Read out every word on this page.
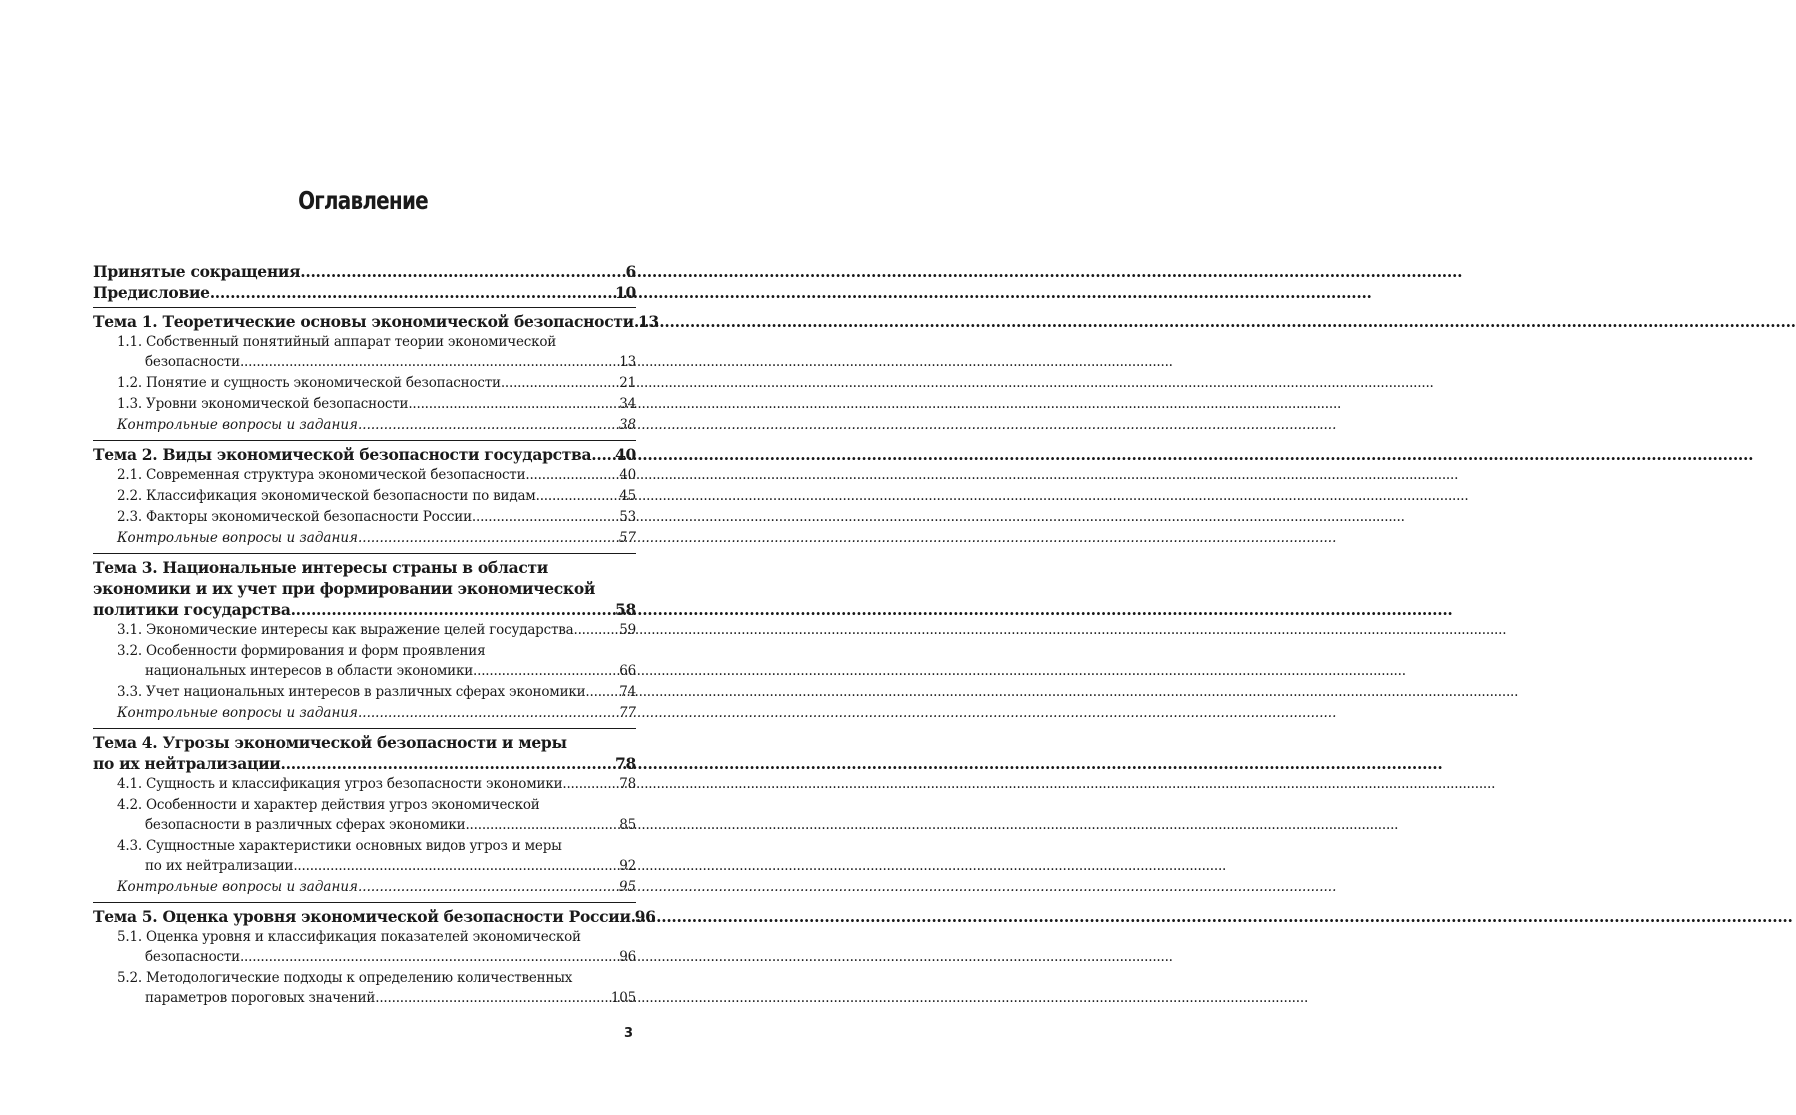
Оглавление
Принятые сокращения .....	6
Предисловие .....	10
Тема 1. Теоретические основы экономической безопасности ..... 13
1.1. Собственный понятийный аппарат теории экономической
безопасности .....	13
1.2. Понятие и сущность экономической безопасности .....	21
1.3. Уровни экономической безопасности .....	34
Контрольные вопросы и задания .....	38
Тема 2. Виды экономической безопасности государства ..... 40
2.1. Современная структура экономической безопасности .....	40
2.2. Классификация экономической безопасности по видам .....	45
2.3. Факторы экономической безопасности России .....	53
Контрольные вопросы и задания .....	57
Тема 3. Национальные интересы страны в области
экономики и их учет при формировании экономической
политики государства .....	58
3.1. Экономические интересы как выражение целей государства .....	59
3.2. Особенности формирования и форм проявления
национальных интересов в области экономики .....	66
3.3. Учет национальных интересов в различных сферах экономики .....	74
Контрольные вопросы и задания .....	77
Тема 4. Угрозы экономической безопасности и меры
по их нейтрализации .....	78
4.1. Сущность и классификация угроз безопасности экономики .....	78
4.2. Особенности и характер действия угроз экономической
безопасности в различных сферах экономики .....	85
4.3. Сущностные характеристики основных видов угроз и меры
по их нейтрализации .....	92
Контрольные вопросы и задания .....	95
Тема 5. Оценка уровня экономической безопасности России ..... 96
5.1. Оценка уровня и классификация показателей экономической
безопасности .....	96
5.2. Методологические подходы к определению количественных
параметров пороговых значений .....	105
3
